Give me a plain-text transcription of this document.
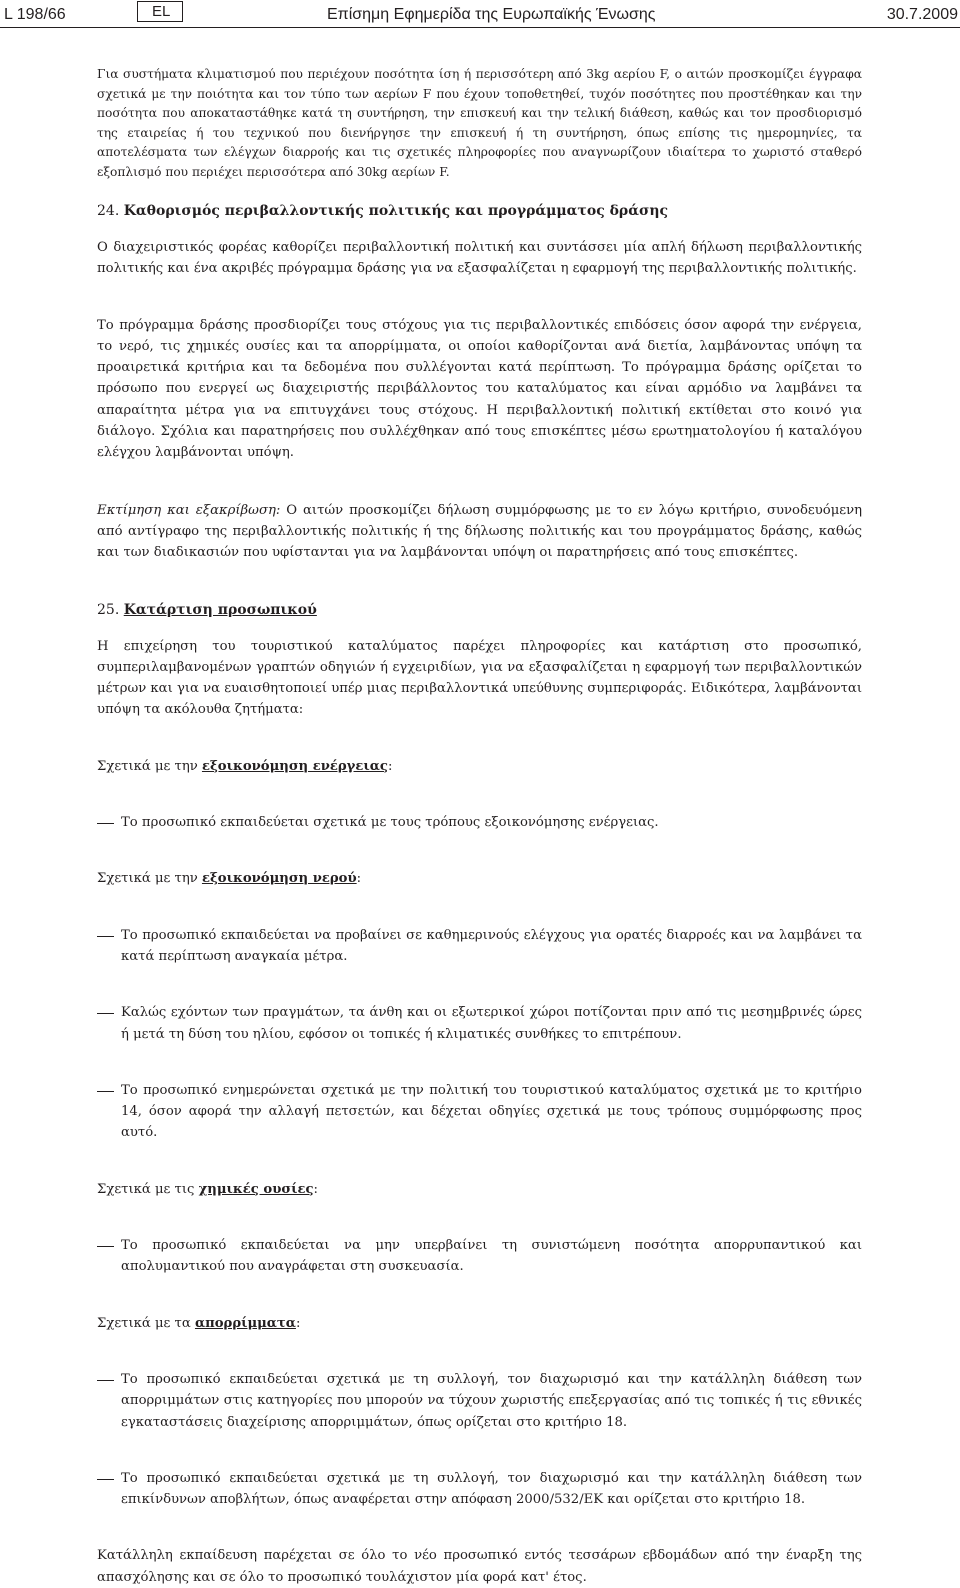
L 198/66	EL	Επίσημη Εφημερίδα της Ευρωπαϊκής Ένωσης	30.7.2009

Για συστήματα κλιματισμού που περιέχουν ποσότητα ίση ή περισσότερη από 3kg αερίου F, ο αιτών προσκομίζει έγγραφα σχετικά με την ποιότητα και τον τύπο των αερίων F που έχουν τοποθετηθεί, τυχόν ποσότητες που προστέθηκαν και την ποσότητα που αποκαταστάθηκε κατά τη συντήρηση, την επισκευή και την τελική διάθεση, καθώς και τον προσδιορισμό της εταιρείας ή του τεχνικού που διενήργησε την επισκευή ή τη συντήρηση, όπως επίσης τις ημερομηνίες, τα αποτελέσματα των ελέγχων διαρροής και τις σχετικές πληροφορίες που αναγνωρίζουν ιδιαίτερα το χωριστό σταθερό εξοπλισμό που περιέχει περισσότερα από 30kg αερίων F.

24. Καθορισμός περιβαλλοντικής πολιτικής και προγράμματος δράσης

Ο διαχειριστικός φορέας καθορίζει περιβαλλοντική πολιτική και συντάσσει μία απλή δήλωση περιβαλλοντικής πολιτικής και ένα ακριβές πρόγραμμα δράσης για να εξασφαλίζεται η εφαρμογή της περιβαλλοντικής πολιτικής.

Το πρόγραμμα δράσης προσδιορίζει τους στόχους για τις περιβαλλοντικές επιδόσεις όσον αφορά την ενέργεια, το νερό, τις χημικές ουσίες και τα απορρίμματα, οι οποίοι καθορίζονται ανά διετία, λαμβάνοντας υπόψη τα προαιρετικά κριτήρια και τα δεδομένα που συλλέγονται κατά περίπτωση. Το πρόγραμμα δράσης ορίζεται το πρόσωπο που ενεργεί ως διαχειριστής περιβάλλοντος του καταλύματος και είναι αρμόδιο να λαμβάνει τα απαραίτητα μέτρα για να επιτυγχάνει τους στόχους. Η περιβαλλοντική πολιτική εκτίθεται στο κοινό για διάλογο. Σχόλια και παρατηρήσεις που συλλέχθηκαν από τους επισκέπτες μέσω ερωτηματολογίου ή καταλόγου ελέγχου λαμβάνονται υπόψη.

Εκτίμηση και εξακρίβωση: Ο αιτών προσκομίζει δήλωση συμμόρφωσης με το εν λόγω κριτήριο, συνοδευόμενη από αντίγραφο της περιβαλλοντικής πολιτικής ή της δήλωσης πολιτικής και του προγράμματος δράσης, καθώς και των διαδικασιών που υφίστανται για να λαμβάνονται υπόψη οι παρατηρήσεις από τους επισκέπτες.

25. Κατάρτιση προσωπικού

Η επιχείρηση του τουριστικού καταλύματος παρέχει πληροφορίες και κατάρτιση στο προσωπικό, συμπεριλαμβανομένων γραπτών οδηγιών ή εγχειριδίων, για να εξασφαλίζεται η εφαρμογή των περιβαλλοντικών μέτρων και για να ευαισθητοποιεί υπέρ μιας περιβαλλοντικά υπεύθυνης συμπεριφοράς. Ειδικότερα, λαμβάνονται υπόψη τα ακόλουθα ζητήματα:

Σχετικά με την εξοικονόμηση ενέργειας:

Το προσωπικό εκπαιδεύεται σχετικά με τους τρόπους εξοικονόμησης ενέργειας.

Σχετικά με την εξοικονόμηση νερού:

Το προσωπικό εκπαιδεύεται να προβαίνει σε καθημερινούς ελέγχους για ορατές διαρροές και να λαμβάνει τα κατά περίπτωση αναγκαία μέτρα.

Καλώς εχόντων των πραγμάτων, τα άνθη και οι εξωτερικοί χώροι ποτίζονται πριν από τις μεσημβρινές ώρες ή μετά τη δύση του ηλίου, εφόσον οι τοπικές ή κλιματικές συνθήκες το επιτρέπουν.

Το προσωπικό ενημερώνεται σχετικά με την πολιτική του τουριστικού καταλύματος σχετικά με το κριτήριο 14, όσον αφορά την αλλαγή πετσετών, και δέχεται οδηγίες σχετικά με τους τρόπους συμμόρφωσης προς αυτό.

Σχετικά με τις χημικές ουσίες:

Το προσωπικό εκπαιδεύεται να μην υπερβαίνει τη συνιστώμενη ποσότητα απορρυπαντικού και απολυμαντικού που αναγράφεται στη συσκευασία.

Σχετικά με τα απορρίμματα:

Το προσωπικό εκπαιδεύεται σχετικά με τη συλλογή, τον διαχωρισμό και την κατάλληλη διάθεση των απορριμμάτων στις κατηγορίες που μπορούν να τύχουν χωριστής επεξεργασίας από τις τοπικές ή τις εθνικές εγκαταστάσεις διαχείρισης απορριμμάτων, όπως ορίζεται στο κριτήριο 18.

Το προσωπικό εκπαιδεύεται σχετικά με τη συλλογή, τον διαχωρισμό και την κατάλληλη διάθεση των επικίνδυνων αποβλήτων, όπως αναφέρεται στην απόφαση 2000/532/ΕΚ και ορίζεται στο κριτήριο 18.

Κατάλληλη εκπαίδευση παρέχεται σε όλο το νέο προσωπικό εντός τεσσάρων εβδομάδων από την έναρξη της απασχόλησης και σε όλο το προσωπικό τουλάχιστον μία φορά κατ' έτος.
